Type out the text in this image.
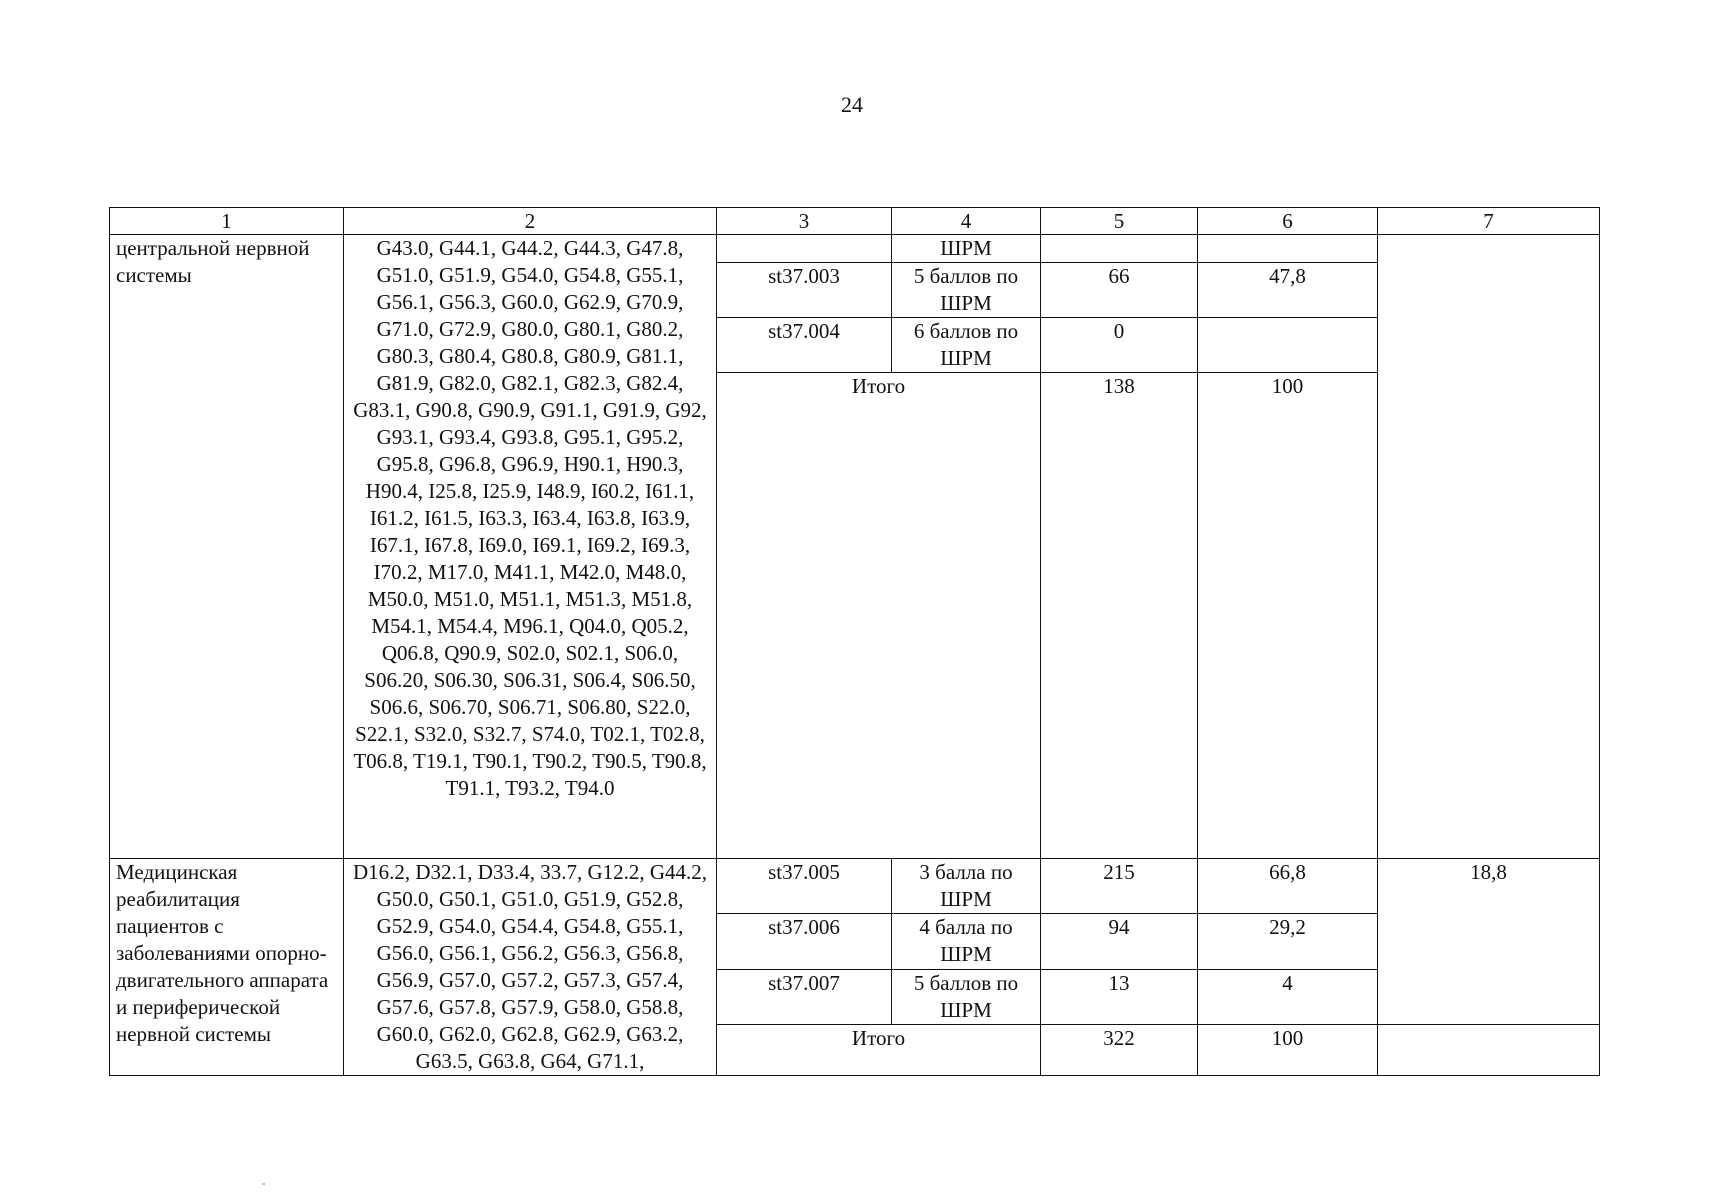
24
1	2	3	4	5	6	7
центральной нервной системы	G43.0, G44.1, G44.2, G44.3, G47.8, G51.0, G51.9, G54.0, G54.8, G55.1, G56.1, G56.3, G60.0, G62.9, G70.9, G71.0, G72.9, G80.0, G80.1, G80.2, G80.3, G80.4, G80.8, G80.9, G81.1, G81.9, G82.0, G82.1, G82.3, G82.4, G83.1, G90.8, G90.9, G91.1, G91.9, G92, G93.1, G93.4, G93.8, G95.1, G95.2, G95.8, G96.8, G96.9, H90.1, H90.3, H90.4, I25.8, I25.9, I48.9, I60.2, I61.1, I61.2, I61.5, I63.3, I63.4, I63.8, I63.9, I67.1, I67.8, I69.0, I69.1, I69.2, I69.3, I70.2, M17.0, M41.1, M42.0, M48.0, M50.0, M51.0, M51.1, M51.3, M51.8, M54.1, M54.4, M96.1, Q04.0, Q05.2, Q06.8, Q90.9, S02.0, S02.1, S06.0, S06.20, S06.30, S06.31, S06.4, S06.50, S06.6, S06.70, S06.71, S06.80, S22.0, S22.1, S32.0, S32.7, S74.0, T02.1, T02.8, T06.8, T19.1, T90.1, T90.2, T90.5, T90.8, T91.1, T93.2, T94.0		ШРМ			
		st37.003	5 баллов по ШРМ	66	47,8	
		st37.004	6 баллов по ШРМ	0		
		Итого		138	100	
Медицинская реабилитация пациентов с заболеваниями опорно-двигательного аппарата и периферической нервной системы	D16.2, D32.1, D33.4, 33.7, G12.2, G44.2, G50.0, G50.1, G51.0, G51.9, G52.8, G52.9, G54.0, G54.4, G54.8, G55.1, G56.0, G56.1, G56.2, G56.3, G56.8, G56.9, G57.0, G57.2, G57.3, G57.4, G57.6, G57.8, G57.9, G58.0, G58.8, G60.0, G62.0, G62.8, G62.9, G63.2, G63.5, G63.8, G64, G71.1,	st37.005	3 балла по ШРМ	215	66,8	18,8
		st37.006	4 балла по ШРМ	94	29,2	
		st37.007	5 баллов по ШРМ	13	4	
		Итого		322	100	
